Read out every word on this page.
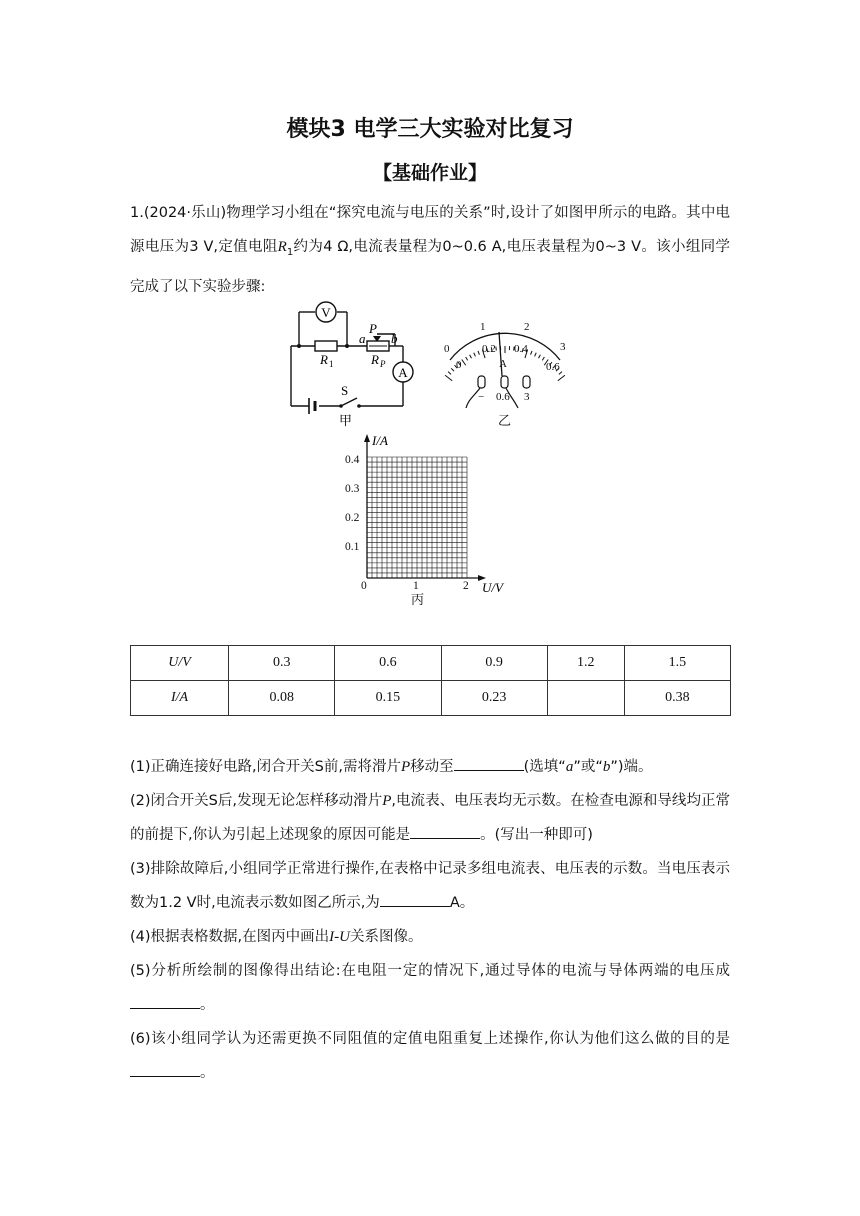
模块3 电学三大实验对比复习
【基础作业】
1.(2024·乐山)物理学习小组在“探究电流与电压的关系”时,设计了如图甲所示的电路。其中电源电压为3 V,定值电阻$R_1$约为4 Ω,电流表量程为0~0.6 A,电压表量程为0~3 V。该小组同学完成了以下实验步骤:
V
A
R 1	R P
a
P
b
S
甲
0
1	2
3
0
0.2 0.4
0.6
A
− 0.6 3
乙
I/A
U/V
0.4
0.3
0.2
0.1
0	1	2
丙
U/V	0.3	0.6	0.9	1.2	1.5
I/A	0.08	0.15	0.23		0.38
(1)正确连接好电路,闭合开关S前,需将滑片P移动至	(选填“a”或“b”)端。
(2)闭合开关S后,发现无论怎样移动滑片P,电流表、电压表均无示数。在检查电源和导线均正常的前提下,你认为引起上述现象的原因可能是	。(写出一种即可)
(3)排除故障后,小组同学正常进行操作,在表格中记录多组电流表、电压表的示数。当电压表示数为1.2 V时,电流表示数如图乙所示,为	A。
(4)根据表格数据,在图丙中画出I-U关系图像。
(5)分析所绘制的图像得出结论:在电阻一定的情况下,通过导体的电流与导体两端的电压成。
(6)该小组同学认为还需更换不同阻值的定值电阻重复上述操作,你认为他们这么做的目的是。
